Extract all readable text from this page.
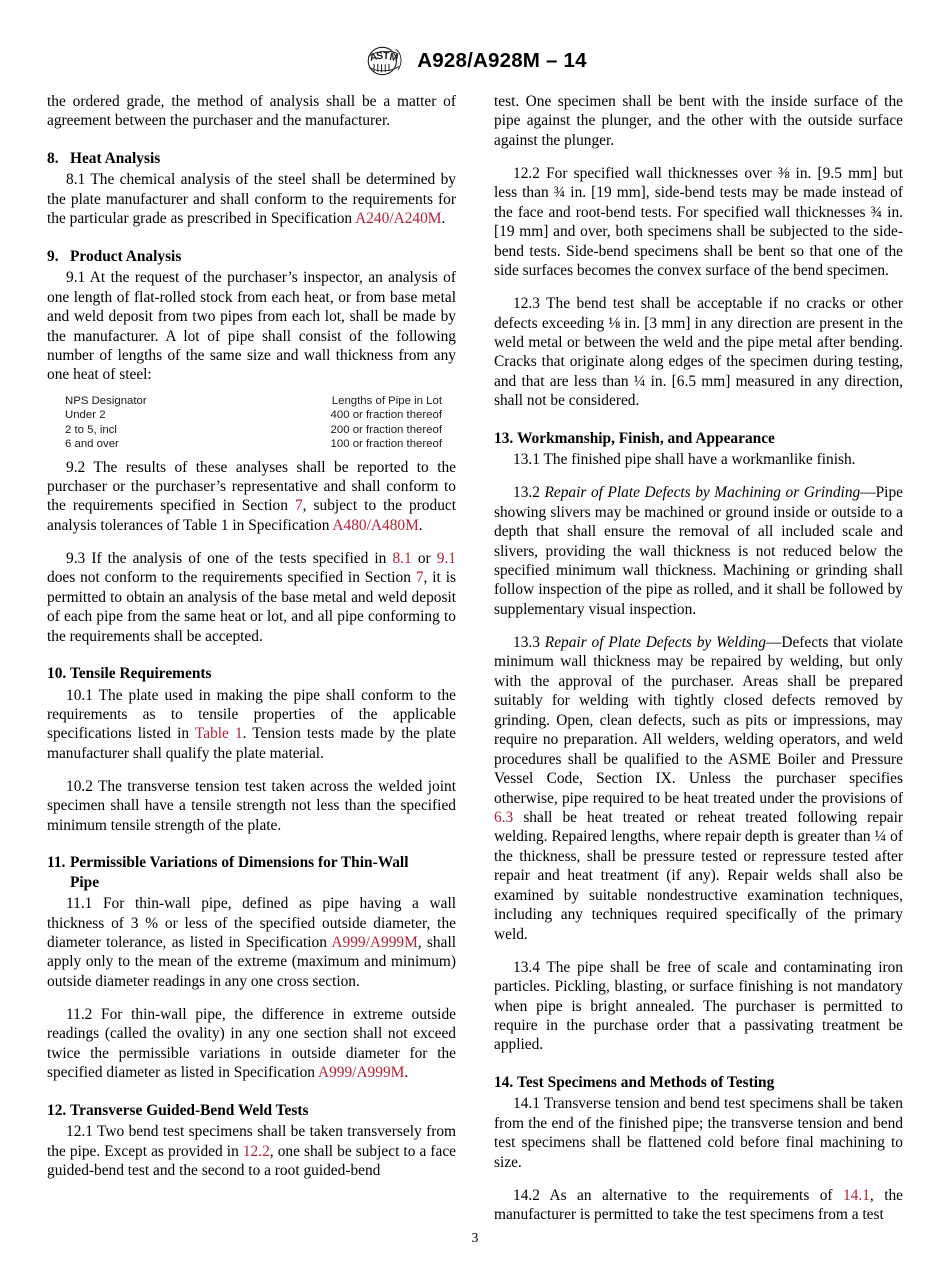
A
S
T
M A928/A928M – 14

the ordered grade, the method of analysis shall be a matter of agreement between the purchaser and the manufacturer.

8. Heat Analysis

8.1 The chemical analysis of the steel shall be determined by the plate manufacturer and shall conform to the requirements for the particular grade as prescribed in Specification A240/A240M.

9. Product Analysis

9.1 At the request of the purchaser’s inspector, an analysis of one length of flat-rolled stock from each heat, or from base metal and weld deposit from two pipes from each lot, shall be made by the manufacturer. A lot of pipe shall consist of the following number of lengths of the same size and wall thickness from any one heat of steel:

NPS Designator	Lengths of Pipe in Lot
Under 2	400 or fraction thereof
2 to 5, incl	200 or fraction thereof
6 and over	100 or fraction thereof

9.2 The results of these analyses shall be reported to the purchaser or the purchaser’s representative and shall conform to the requirements specified in Section 7, subject to the product analysis tolerances of Table 1 in Specification A480/A480M.

9.3 If the analysis of one of the tests specified in 8.1 or 9.1 does not conform to the requirements specified in Section 7, it is permitted to obtain an analysis of the base metal and weld deposit of each pipe from the same heat or lot, and all pipe conforming to the requirements shall be accepted.

10. Tensile Requirements

10.1 The plate used in making the pipe shall conform to the requirements as to tensile properties of the applicable specifications listed in Table 1. Tension tests made by the plate manufacturer shall qualify the plate material.

10.2 The transverse tension test taken across the welded joint specimen shall have a tensile strength not less than the specified minimum tensile strength of the plate.

11. Permissible Variations of Dimensions for Thin-Wall
Pipe

11.1 For thin-wall pipe, defined as pipe having a wall thickness of 3 % or less of the specified outside diameter, the diameter tolerance, as listed in Specification A999/A999M, shall apply only to the mean of the extreme (maximum and minimum) outside diameter readings in any one cross section.

11.2 For thin-wall pipe, the difference in extreme outside readings (called the ovality) in any one section shall not exceed twice the permissible variations in outside diameter for the specified diameter as listed in Specification A999/A999M.

12. Transverse Guided-Bend Weld Tests

12.1 Two bend test specimens shall be taken transversely from the pipe. Except as provided in 12.2, one shall be subject to a face guided-bend test and the second to a root guided-bend

test. One specimen shall be bent with the inside surface of the pipe against the plunger, and the other with the outside surface against the plunger.

12.2 For specified wall thicknesses over ⅜ in. [9.5 mm] but less than ¾ in. [19 mm], side-bend tests may be made instead of the face and root-bend tests. For specified wall thicknesses ¾ in. [19 mm] and over, both specimens shall be subjected to the side-bend tests. Side-bend specimens shall be bent so that one of the side surfaces becomes the convex surface of the bend specimen.

12.3 The bend test shall be acceptable if no cracks or other defects exceeding ⅛ in. [3 mm] in any direction are present in the weld metal or between the weld and the pipe metal after bending. Cracks that originate along edges of the specimen during testing, and that are less than ¼ in. [6.5 mm] measured in any direction, shall not be considered.

13. Workmanship, Finish, and Appearance

13.1 The finished pipe shall have a workmanlike finish.

13.2 Repair of Plate Defects by Machining or Grinding—Pipe showing slivers may be machined or ground inside or outside to a depth that shall ensure the removal of all included scale and slivers, providing the wall thickness is not reduced below the specified minimum wall thickness. Machining or grinding shall follow inspection of the pipe as rolled, and it shall be followed by supplementary visual inspection.

13.3 Repair of Plate Defects by Welding—Defects that violate minimum wall thickness may be repaired by welding, but only with the approval of the purchaser. Areas shall be prepared suitably for welding with tightly closed defects removed by grinding. Open, clean defects, such as pits or impressions, may require no preparation. All welders, welding operators, and weld procedures shall be qualified to the ASME Boiler and Pressure Vessel Code, Section IX. Unless the purchaser specifies otherwise, pipe required to be heat treated under the provisions of 6.3 shall be heat treated or reheat treated following repair welding. Repaired lengths, where repair depth is greater than ¼ of the thickness, shall be pressure tested or repressure tested after repair and heat treatment (if any). Repair welds shall also be examined by suitable nondestructive examination techniques, including any techniques required specifically of the primary weld.

13.4 The pipe shall be free of scale and contaminating iron particles. Pickling, blasting, or surface finishing is not mandatory when pipe is bright annealed. The purchaser is permitted to require in the purchase order that a passivating treatment be applied.

14. Test Specimens and Methods of Testing

14.1 Transverse tension and bend test specimens shall be taken from the end of the finished pipe; the transverse tension and bend test specimens shall be flattened cold before final machining to size.

14.2 As an alternative to the requirements of 14.1, the manufacturer is permitted to take the test specimens from a test

3
